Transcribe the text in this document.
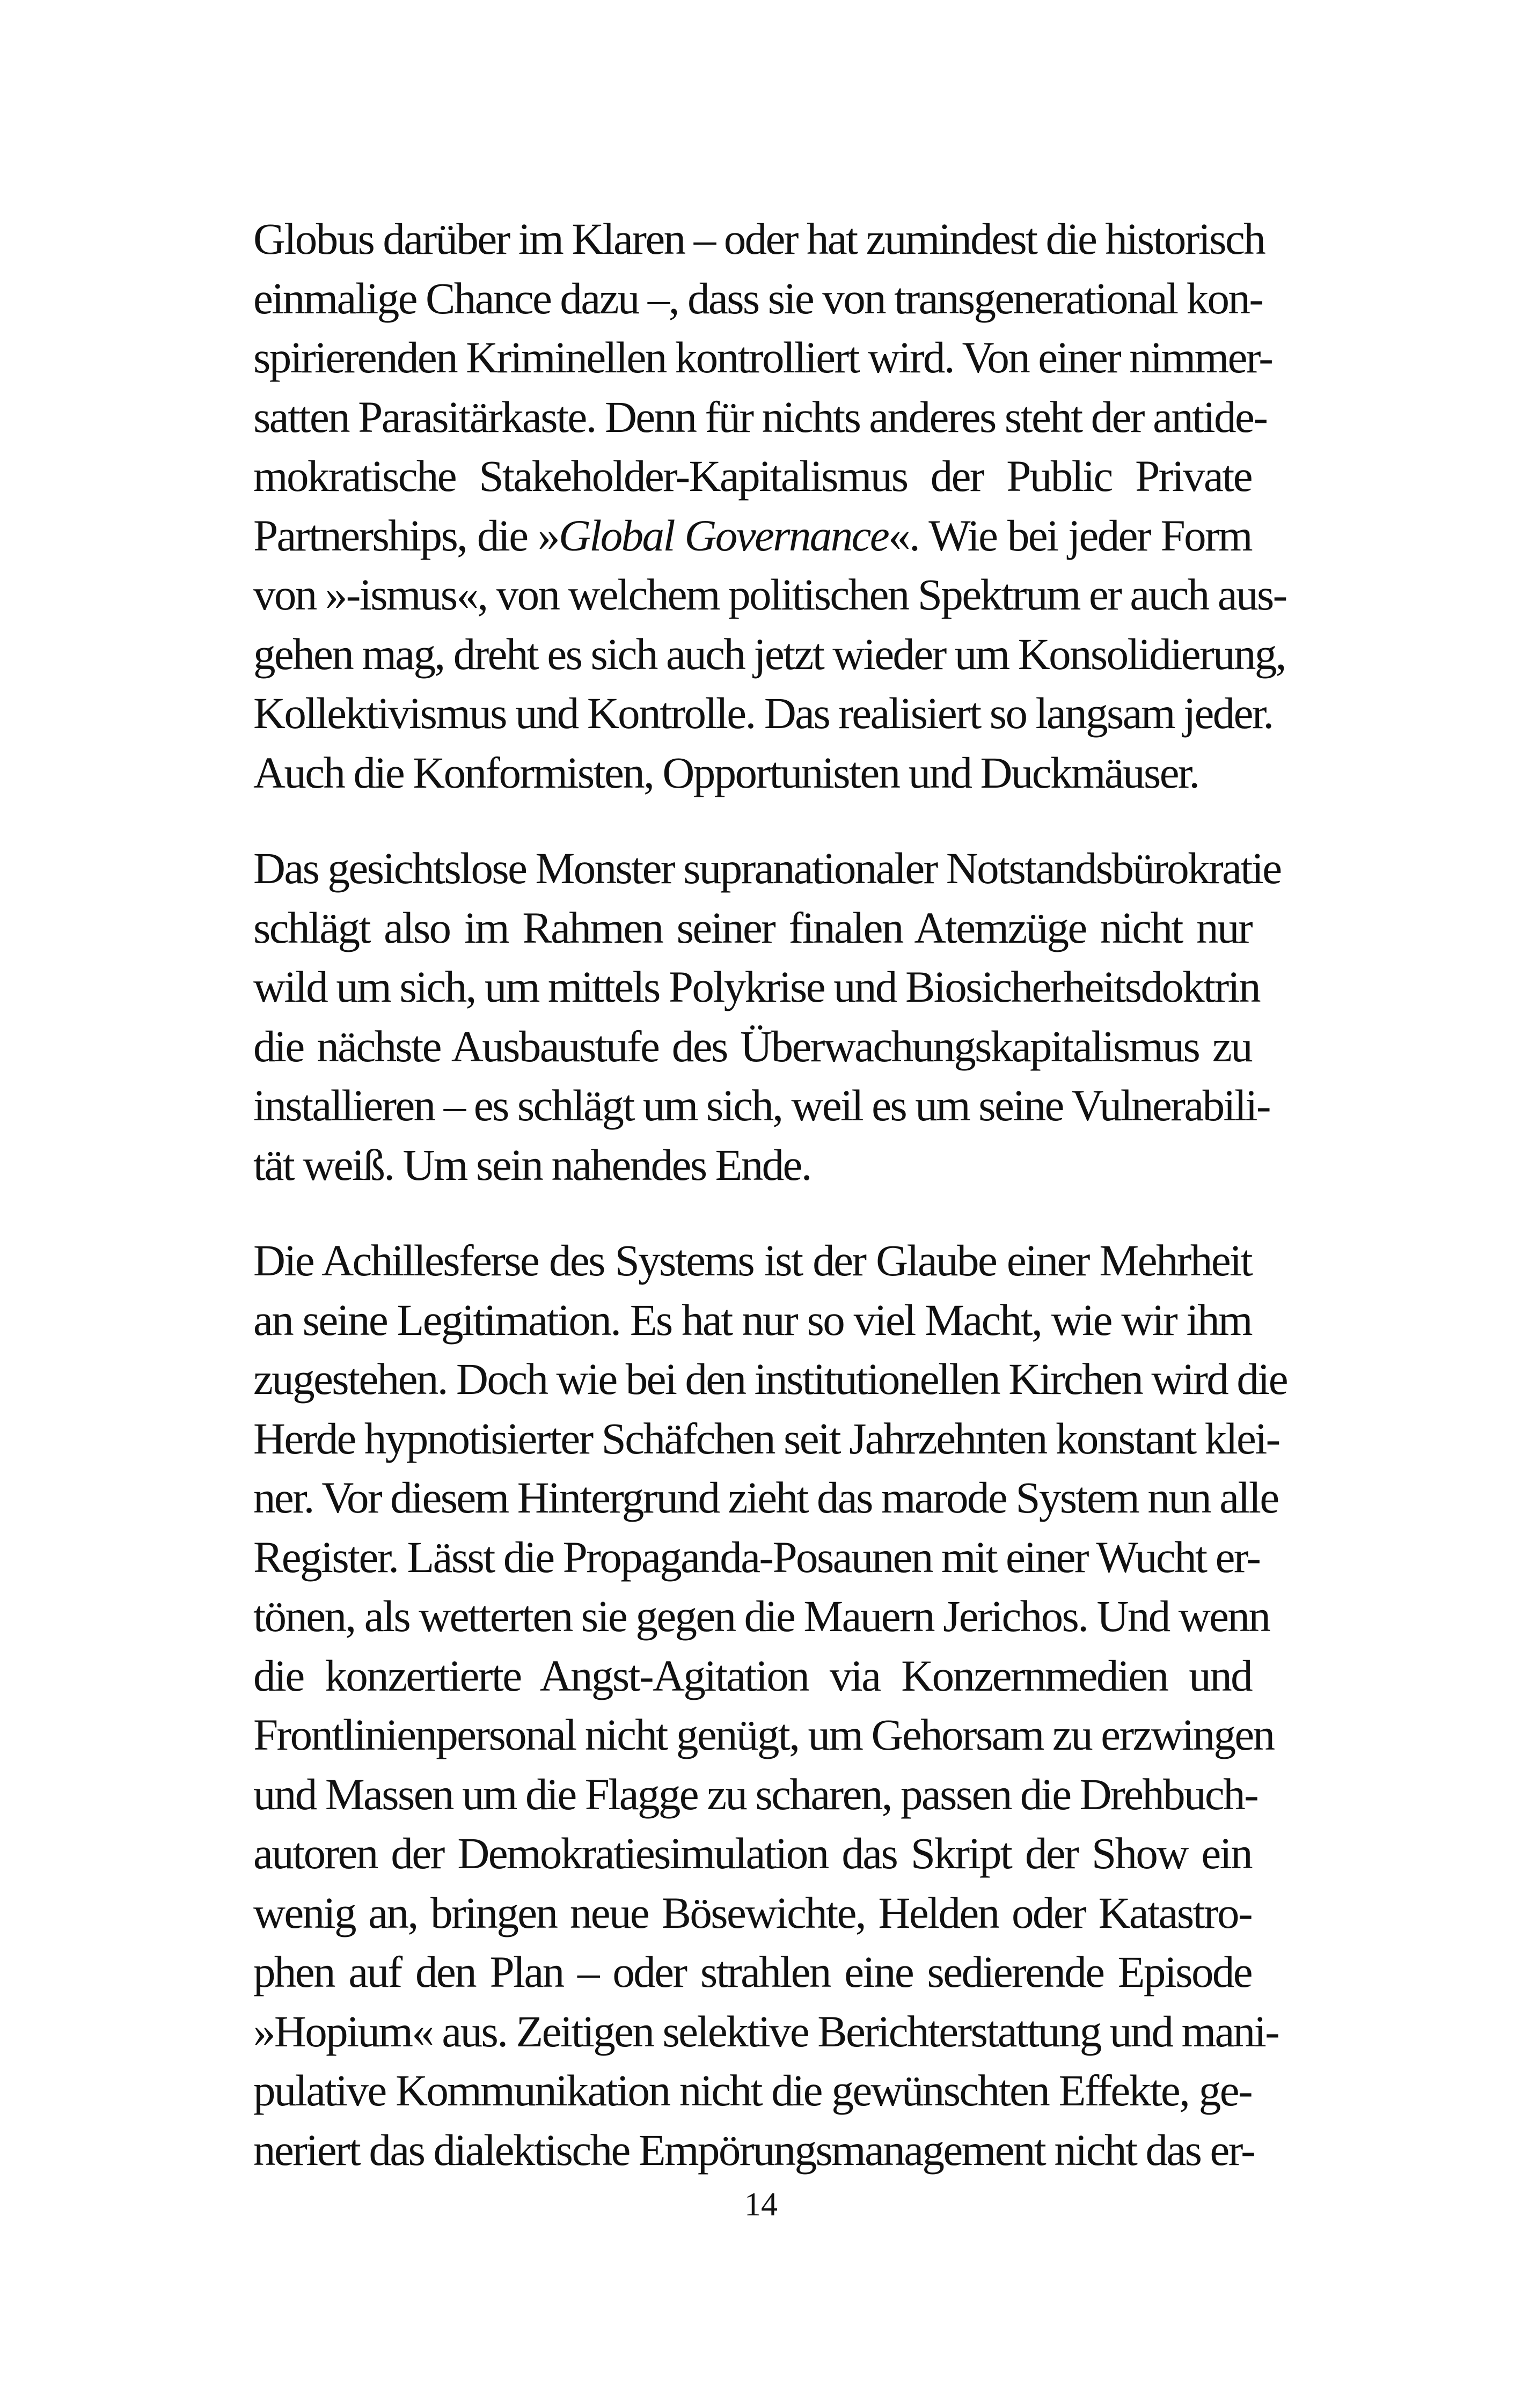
Globus darüber im Klaren – oder hat zumindest die historisch
einmalige Chance dazu –, dass sie von transgenerational kon-
spirierenden Kriminellen kontrolliert wird. Von einer nimmer-
satten Parasitärkaste. Denn für nichts anderes steht der antide-
mokratische Stakeholder-Kapitalismus der Public Private
Partnerships, die »Global Governance«. Wie bei jeder Form
von »-ismus«, von welchem politischen Spektrum er auch aus-
gehen mag, dreht es sich auch jetzt wieder um Konsolidierung,
Kollektivismus und Kontrolle. Das realisiert so langsam jeder.
Auch die Konformisten, Opportunisten und Duckmäuser.

Das gesichtslose Monster supranationaler Notstandsbürokratie
schlägt also im Rahmen seiner finalen Atemzüge nicht nur
wild um sich, um mittels Polykrise und Biosicherheitsdoktrin
die nächste Ausbaustufe des Überwachungskapitalismus zu
installieren – es schlägt um sich, weil es um seine Vulnerabili-
tät weiß. Um sein nahendes Ende.

Die Achillesferse des Systems ist der Glaube einer Mehrheit
an seine Legitimation. Es hat nur so viel Macht, wie wir ihm
zugestehen. Doch wie bei den institutionellen Kirchen wird die
Herde hypnotisierter Schäfchen seit Jahrzehnten konstant klei-
ner. Vor diesem Hintergrund zieht das marode System nun alle
Register. Lässt die Propaganda-Posaunen mit einer Wucht er-
tönen, als wetterten sie gegen die Mauern Jerichos. Und wenn
die konzertierte Angst-Agitation via Konzernmedien und
Frontlinienpersonal nicht genügt, um Gehorsam zu erzwingen
und Massen um die Flagge zu scharen, passen die Drehbuch-
autoren der Demokratiesimulation das Skript der Show ein
wenig an, bringen neue Bösewichte, Helden oder Katastro-
phen auf den Plan – oder strahlen eine sedierende Episode
»Hopium« aus. Zeitigen selektive Berichterstattung und mani-
pulative Kommunikation nicht die gewünschten Effekte, ge-
neriert das dialektische Empörungsmanagement nicht das er-

14
